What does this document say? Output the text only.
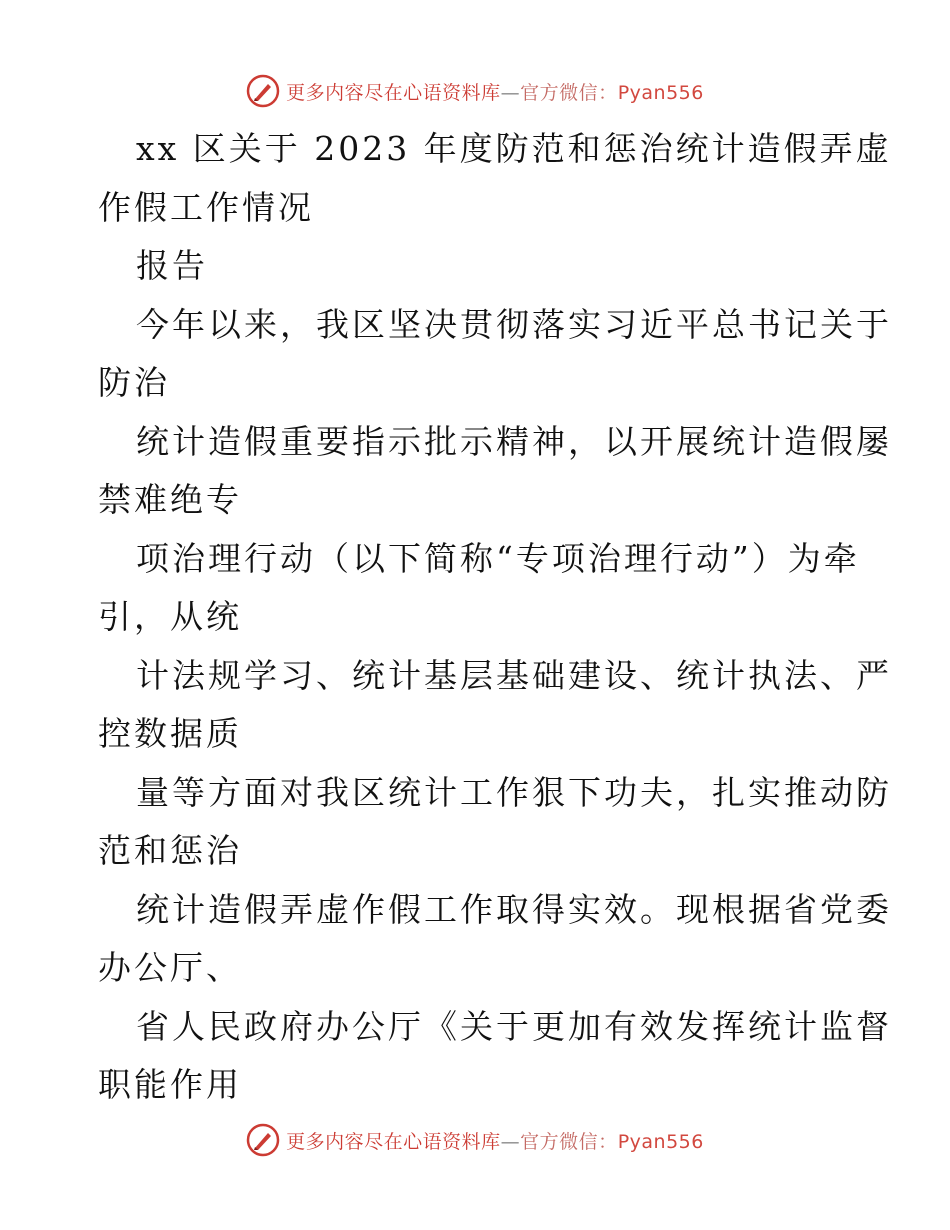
更多内容尽在心语资料库—官方微信：Pyan556
xx 区关于 2023 年度防范和惩治统计造假弄虚
作假工作情况
报告
今年以来，我区坚决贯彻落实习近平总书记关于
防治
统计造假重要指示批示精神，以开展统计造假屡
禁难绝专
项治理行动（以下简称“专项治理行动”）为牵
引，从统
计法规学习、统计基层基础建设、统计执法、严
控数据质
量等方面对我区统计工作狠下功夫，扎实推动防
范和惩治
统计造假弄虚作假工作取得实效。现根据省党委
办公厅、
省人民政府办公厅《关于更加有效发挥统计监督
职能作用
更多内容尽在心语资料库—官方微信：Pyan556
